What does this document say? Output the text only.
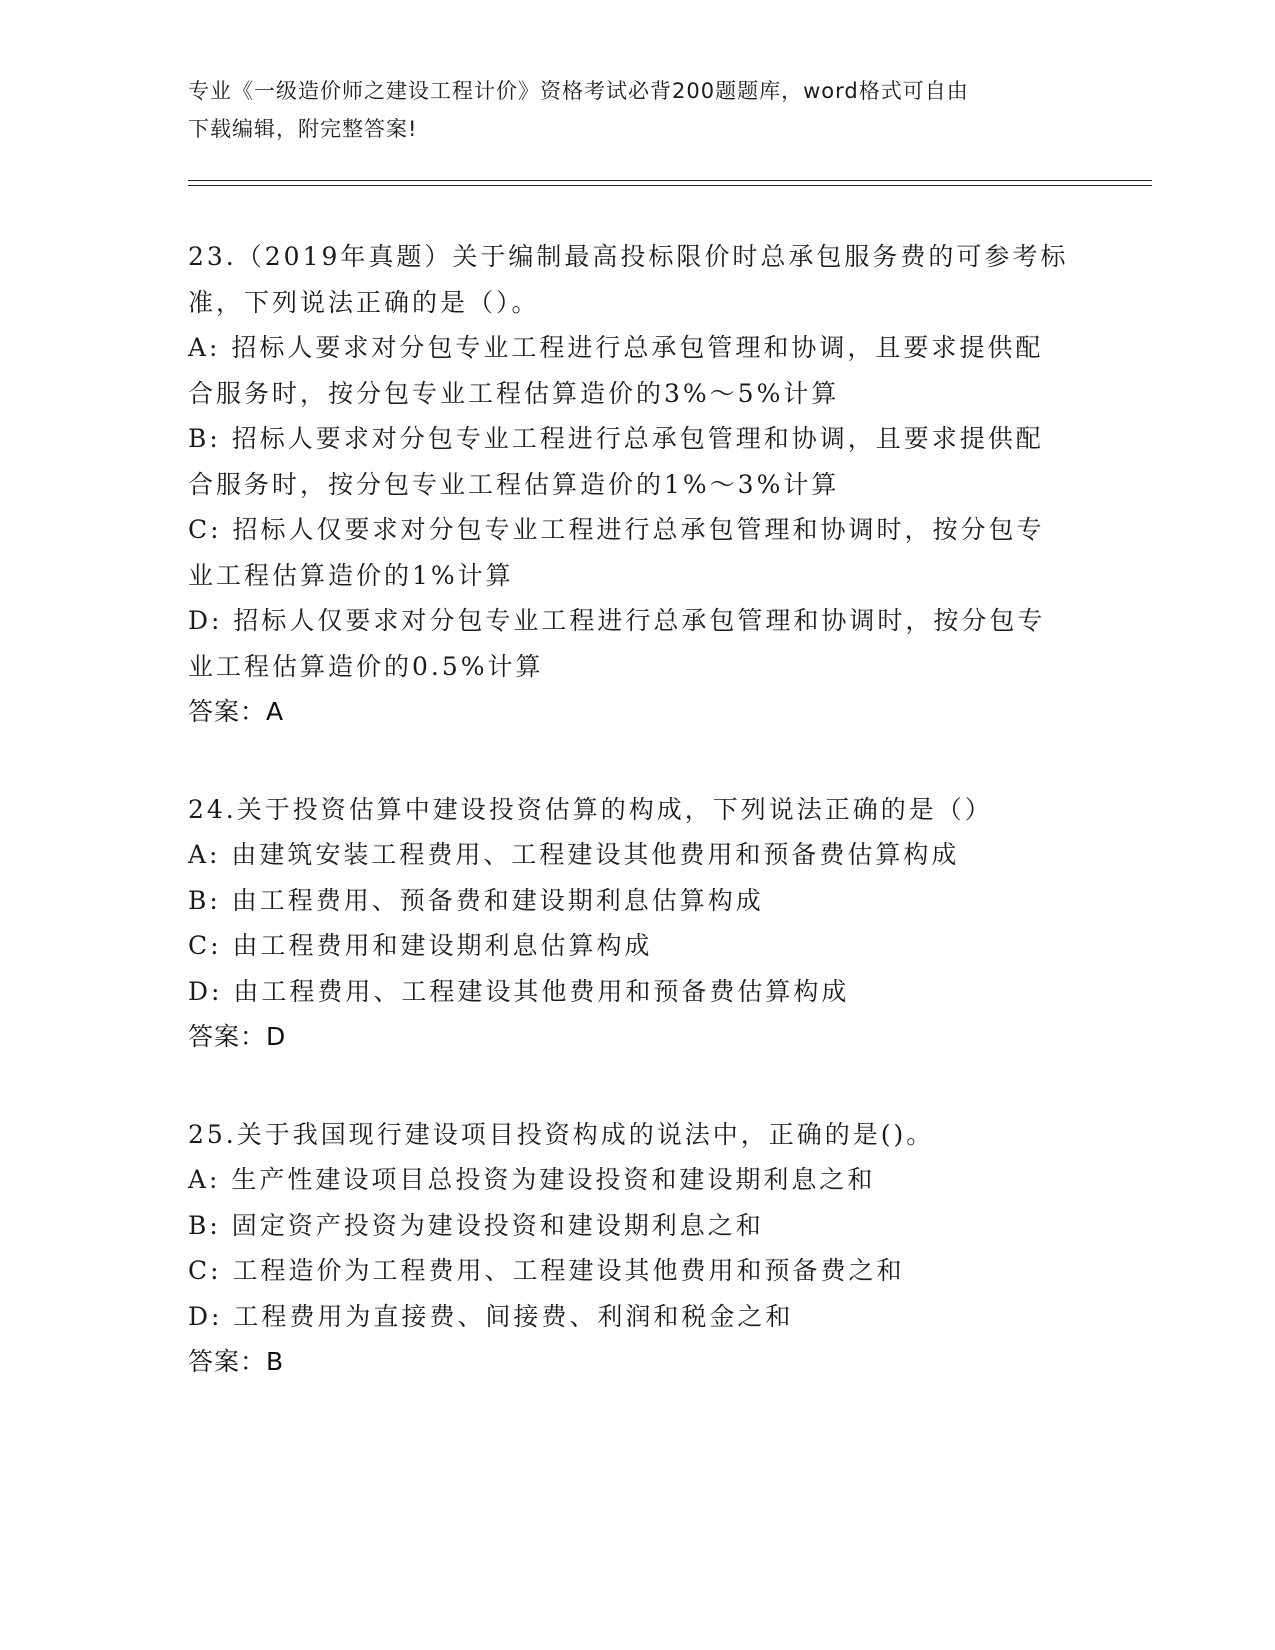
专业《一级造价师之建设工程计价》资格考试必背200题题库，word格式可自由
下载编辑，附完整答案!
23.（2019年真题）关于编制最高投标限价时总承包服务费的可参考标
准，下列说法正确的是（）。
A: 招标人要求对分包专业工程进行总承包管理和协调，且要求提供配
合服务时，按分包专业工程估算造价的3%～5%计算
B: 招标人要求对分包专业工程进行总承包管理和协调，且要求提供配
合服务时，按分包专业工程估算造价的1%～3%计算
C: 招标人仅要求对分包专业工程进行总承包管理和协调时，按分包专
业工程估算造价的1%计算
D: 招标人仅要求对分包专业工程进行总承包管理和协调时，按分包专
业工程估算造价的0.5%计算
答案：A
24.关于投资估算中建设投资估算的构成，下列说法正确的是（）
A: 由建筑安装工程费用、工程建设其他费用和预备费估算构成
B: 由工程费用、预备费和建设期利息估算构成
C: 由工程费用和建设期利息估算构成
D: 由工程费用、工程建设其他费用和预备费估算构成
答案：D
25.关于我国现行建设项目投资构成的说法中，正确的是()。
A: 生产性建设项目总投资为建设投资和建设期利息之和
B: 固定资产投资为建设投资和建设期利息之和
C: 工程造价为工程费用、工程建设其他费用和预备费之和
D: 工程费用为直接费、间接费、利润和税金之和
答案：B
